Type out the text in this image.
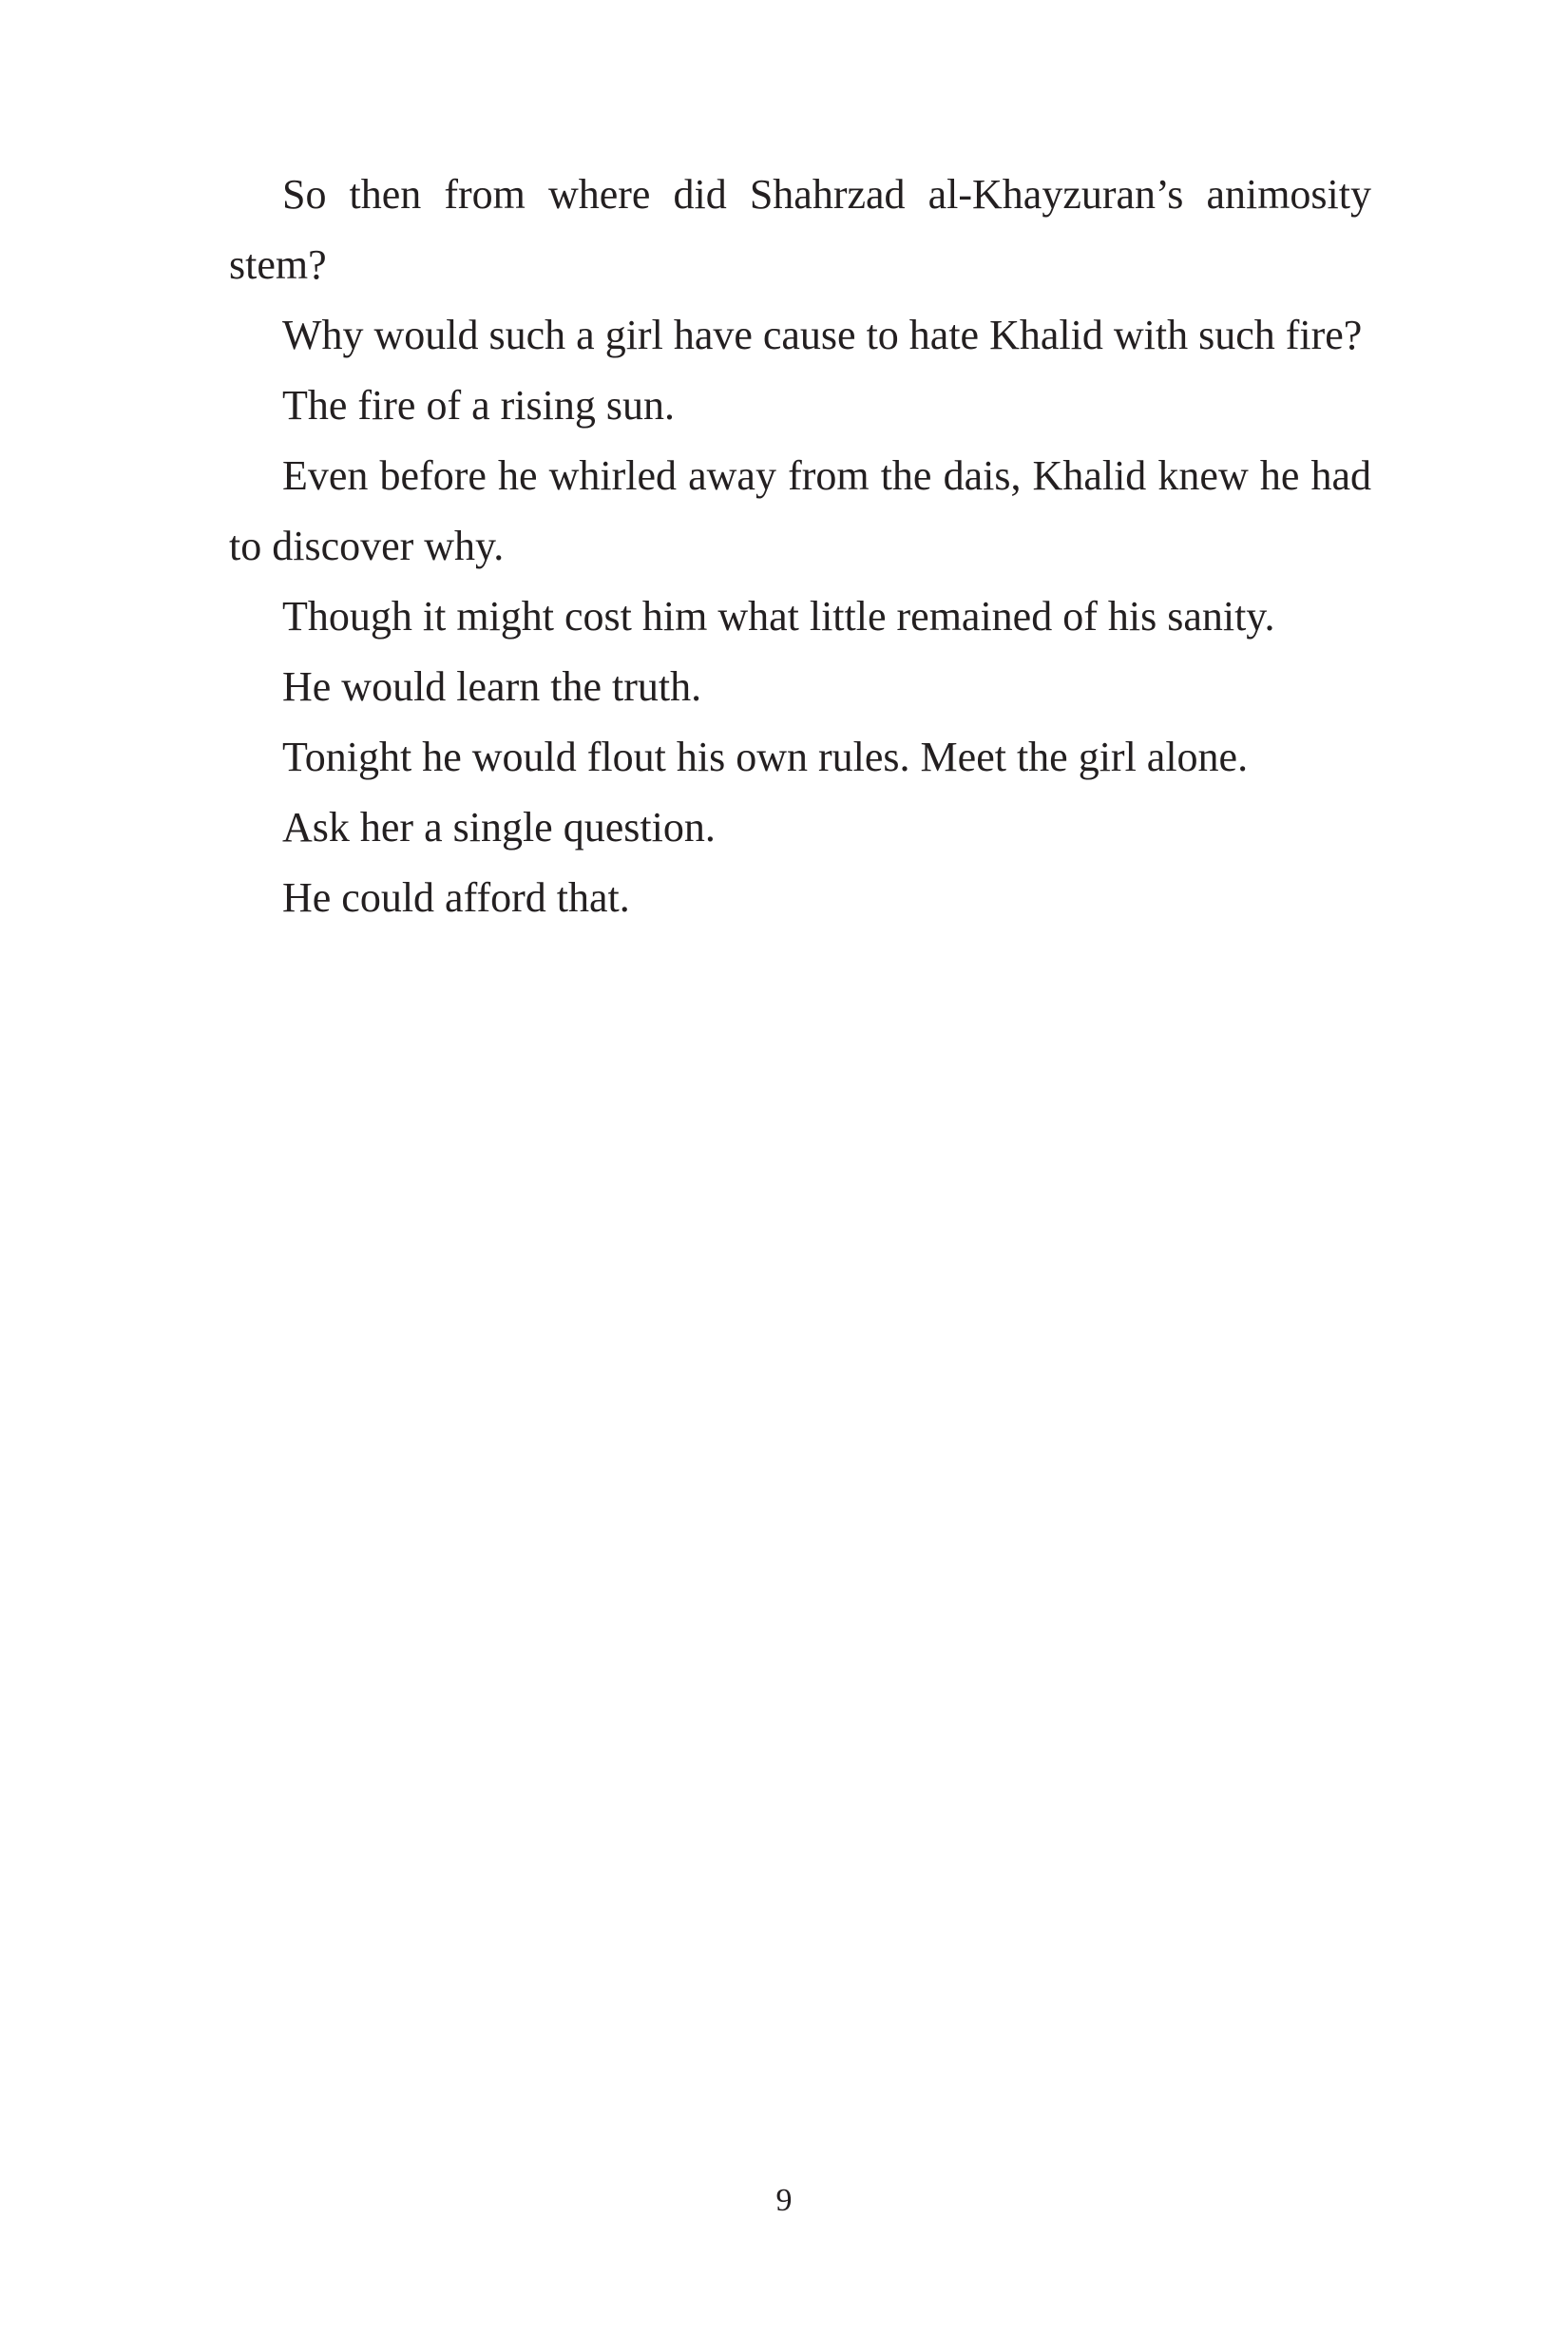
So then from where did Shahrzad al-Khayzuran’s animosity stem?

Why would such a girl have cause to hate Khalid with such fire?

The fire of a rising sun.

Even before he whirled away from the dais, Khalid knew he had to discover why.

Though it might cost him what little remained of his sanity.

He would learn the truth.

Tonight he would flout his own rules. Meet the girl alone.

Ask her a single question.

He could afford that.

9
